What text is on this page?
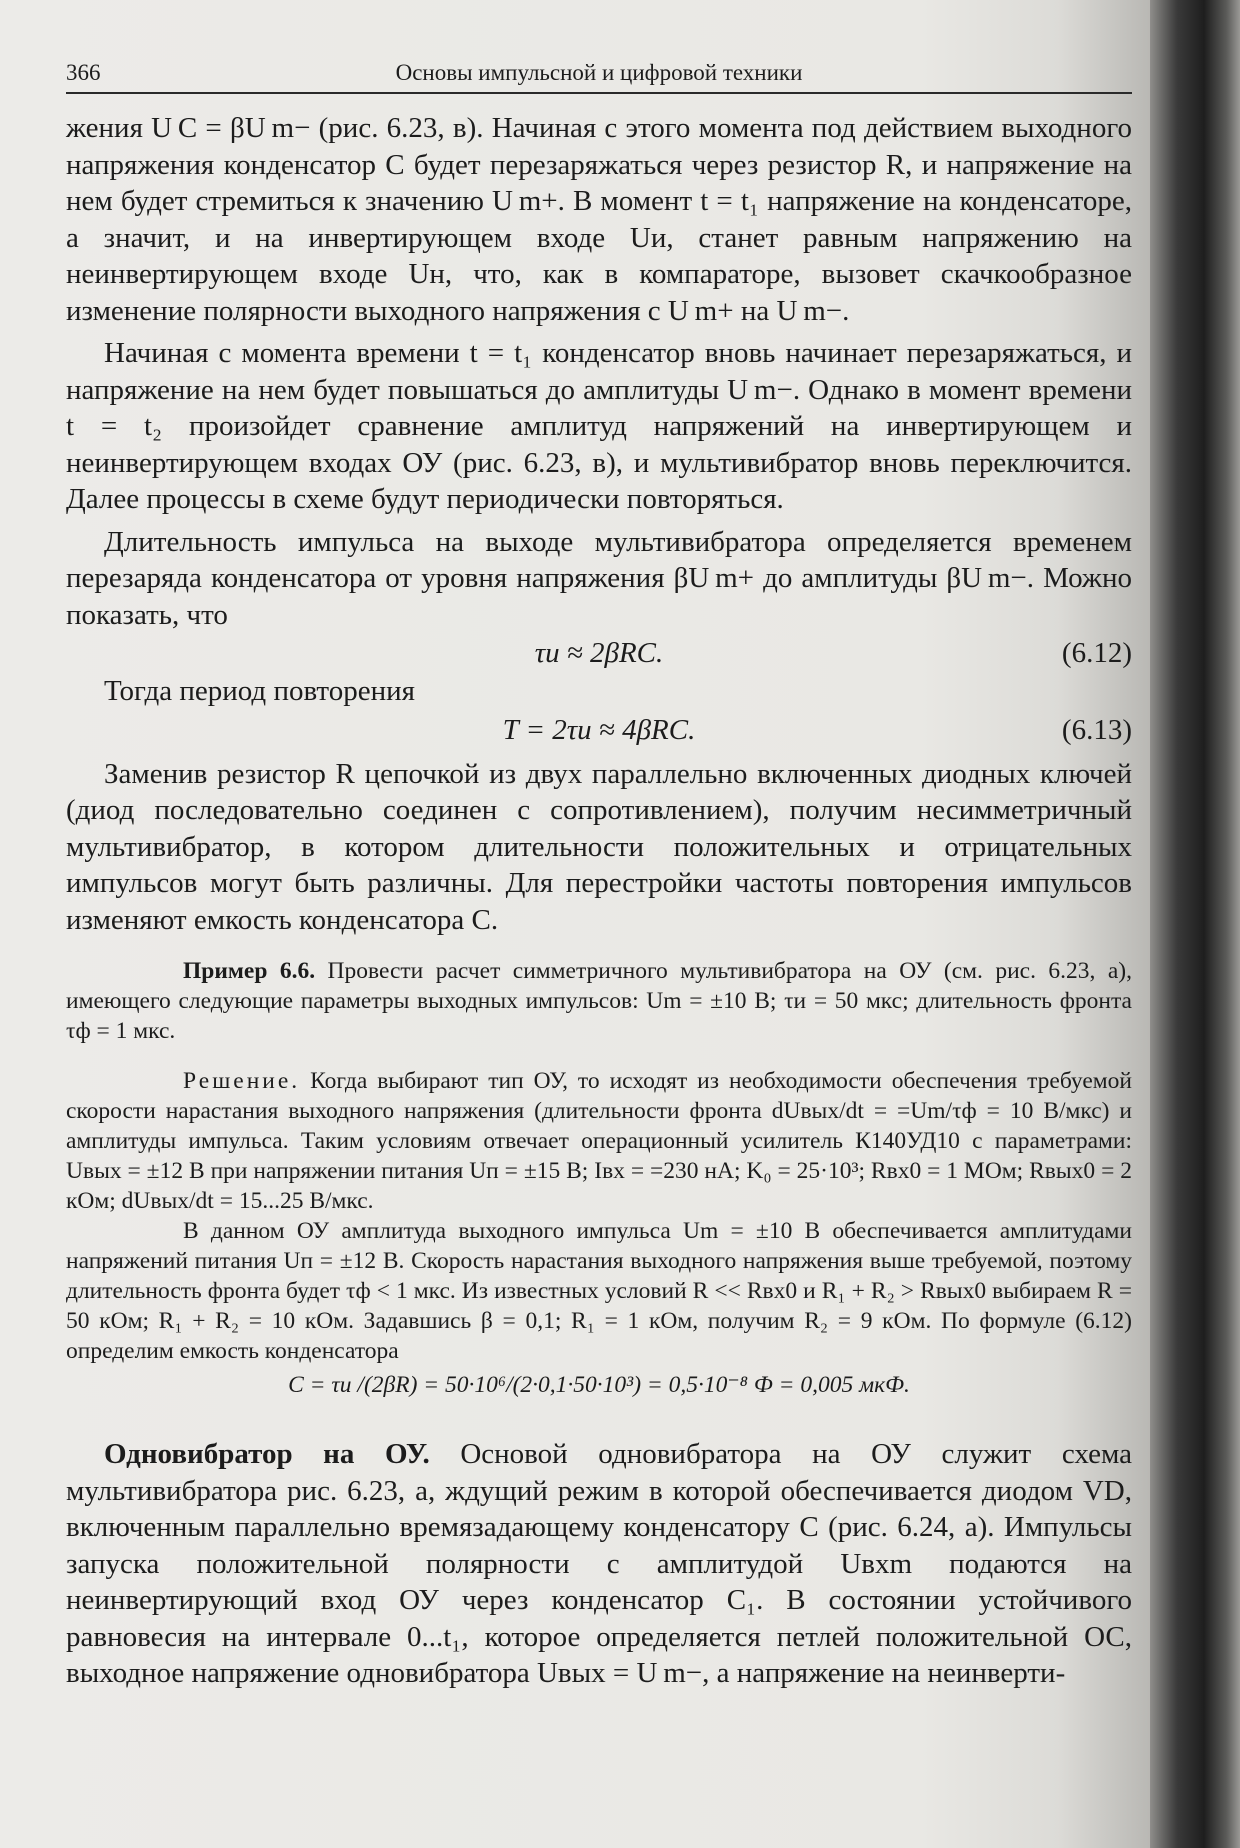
366	Основы импульсной и цифровой техники

жения U C = βU m− (рис. 6.23, в). Начиная с этого момента под действием выходного напряжения конденсатор С будет перезаряжаться через резистор R, и напряжение на нем будет стремиться к значению U m+. В момент t = t₁ напряжение на конденсаторе, а значит, и на инвертирующем входе Uи, станет равным напряжению на неинвертирующем входе Uн, что, как в компараторе, вызовет скачкообразное изменение полярности выходного напряжения с U m+ на U m−.

Начиная с момента времени t = t₁ конденсатор вновь начинает перезаряжаться, и напряжение на нем будет повышаться до амплитуды U m−. Однако в момент времени t = t₂ произойдет сравнение амплитуд напряжений на инвертирующем и неинвертирующем входах ОУ (рис. 6.23, в), и мультивибратор вновь переключится. Далее процессы в схеме будут периодически повторяться.

Длительность импульса на выходе мультивибратора определяется временем перезаряда конденсатора от уровня напряжения βU m+ до амплитуды βU m−. Можно показать, что

τи ≈ 2βRC.	(6.12)

Тогда период повторения

T = 2τи ≈ 4βRC.	(6.13)

Заменив резистор R цепочкой из двух параллельно включенных диодных ключей (диод последовательно соединен с сопротивлением), получим несимметричный мультивибратор, в котором длительности положительных и отрицательных импульсов могут быть различны. Для перестройки частоты повторения импульсов изменяют емкость конденсатора С.

Пример 6.6. Провести расчет симметричного мультивибратора на ОУ (см. рис. 6.23, а), имеющего следующие параметры выходных импульсов: Um = ±10 В; τи = 50 мкс; длительность фронта τф = 1 мкс.

Решение. Когда выбирают тип ОУ, то исходят из необходимости обеспечения требуемой скорости нарастания выходного напряжения (длительности фронта dUвых/dt = =Um/τф = 10 В/мкс) и амплитуды импульса. Таким условиям отвечает операционный усилитель К140УД10 с параметрами: Uвых = ±12 В при напряжении питания Uп = ±15 В; Iвх = =230 нА; K₀ = 25·10³; Rвх0 = 1 МОм; Rвых0 = 2 кОм; dUвых/dt = 15...25 В/мкс.

В данном ОУ амплитуда выходного импульса Um = ±10 В обеспечивается амплитудами напряжений питания Uп = ±12 В. Скорость нарастания выходного напряжения выше требуемой, поэтому длительность фронта будет τф < 1 мкс. Из известных условий R << Rвх0 и R₁ + R₂ > Rвых0 выбираем R = 50 кОм; R₁ + R₂ = 10 кОм. Задавшись β = 0,1; R₁ = 1 кОм, получим R₂ = 9 кОм. По формуле (6.12) определим емкость конденсатора

C = τи /(2βR) = 50·10⁶/(2·0,1·50·10³) = 0,5·10⁻⁸ Ф = 0,005 мкФ.

Одновибратор на ОУ. Основой одновибратора на ОУ служит схема мультивибратора рис. 6.23, а, ждущий режим в которой обеспечивается диодом VD, включенным параллельно времязадающему конденсатору С (рис. 6.24, а). Импульсы запуска положительной полярности с амплитудой Uвхm подаются на неинвертирующий вход ОУ через конденсатор С₁. В состоянии устойчивого равновесия на интервале 0...t₁, которое определяется петлей положительной ОС, выходное напряжение одновибратора Uвых = U m−, а напряжение на неинверти-
